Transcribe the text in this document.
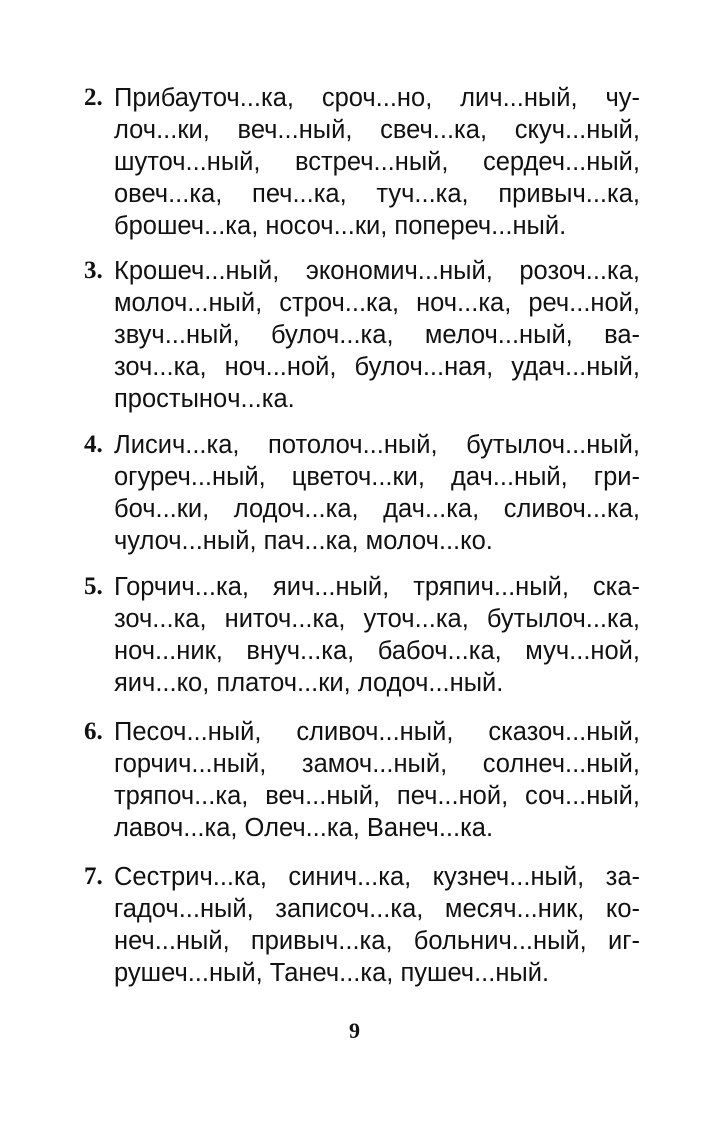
2. Прибауточ...ка, сроч...но, лич...ный, чу-
лоч...ки, веч...ный, свеч...ка, скуч...ный,
шуточ...ный, встреч...ный, сердеч...ный,
овеч...ка, печ...ка, туч...ка, привыч...ка,
брошеч...ка, носоч...ки, попереч...ный.
3. Крошеч...ный, экономич...ный, розоч...ка,
молоч...ный, строч...ка, ноч...ка, реч...ной,
звуч...ный, булоч...ка, мелоч...ный, ва-
зоч...ка, ноч...ной, булоч...ная, удач...ный,
простынoч...ка.
4. Лисич...ка, потолоч...ный, бутылоч...ный,
огуреч...ный, цветоч...ки, дач...ный, гри-
боч...ки, лодоч...ка, дач...ка, сливоч...ка,
чулоч...ный, пач...ка, молоч...ко.
5. Горчич...ка, яич...ный, тряпич...ный, ска-
зоч...ка, ниточ...ка, уточ...ка, бутылоч...ка,
ноч...ник, внуч...ка, бабоч...ка, муч...ной,
яич...ко, платоч...ки, лодоч...ный.
6. Песоч...ный, сливоч...ный, сказоч...ный,
горчич...ный, замоч...ный, солнеч...ный,
тряпоч...ка, веч...ный, печ...ной, соч...ный,
лавоч...ка, Олеч...ка, Ванеч...ка.
7. Сестрич...ка, синич...ка, кузнеч...ный, за-
гадоч...ный, записоч...ка, месяч...ник, ко-
неч...ный, привыч...ка, больнич...ный, иг-
рушеч...ный, Танеч...ка, пушеч...ный.
9
